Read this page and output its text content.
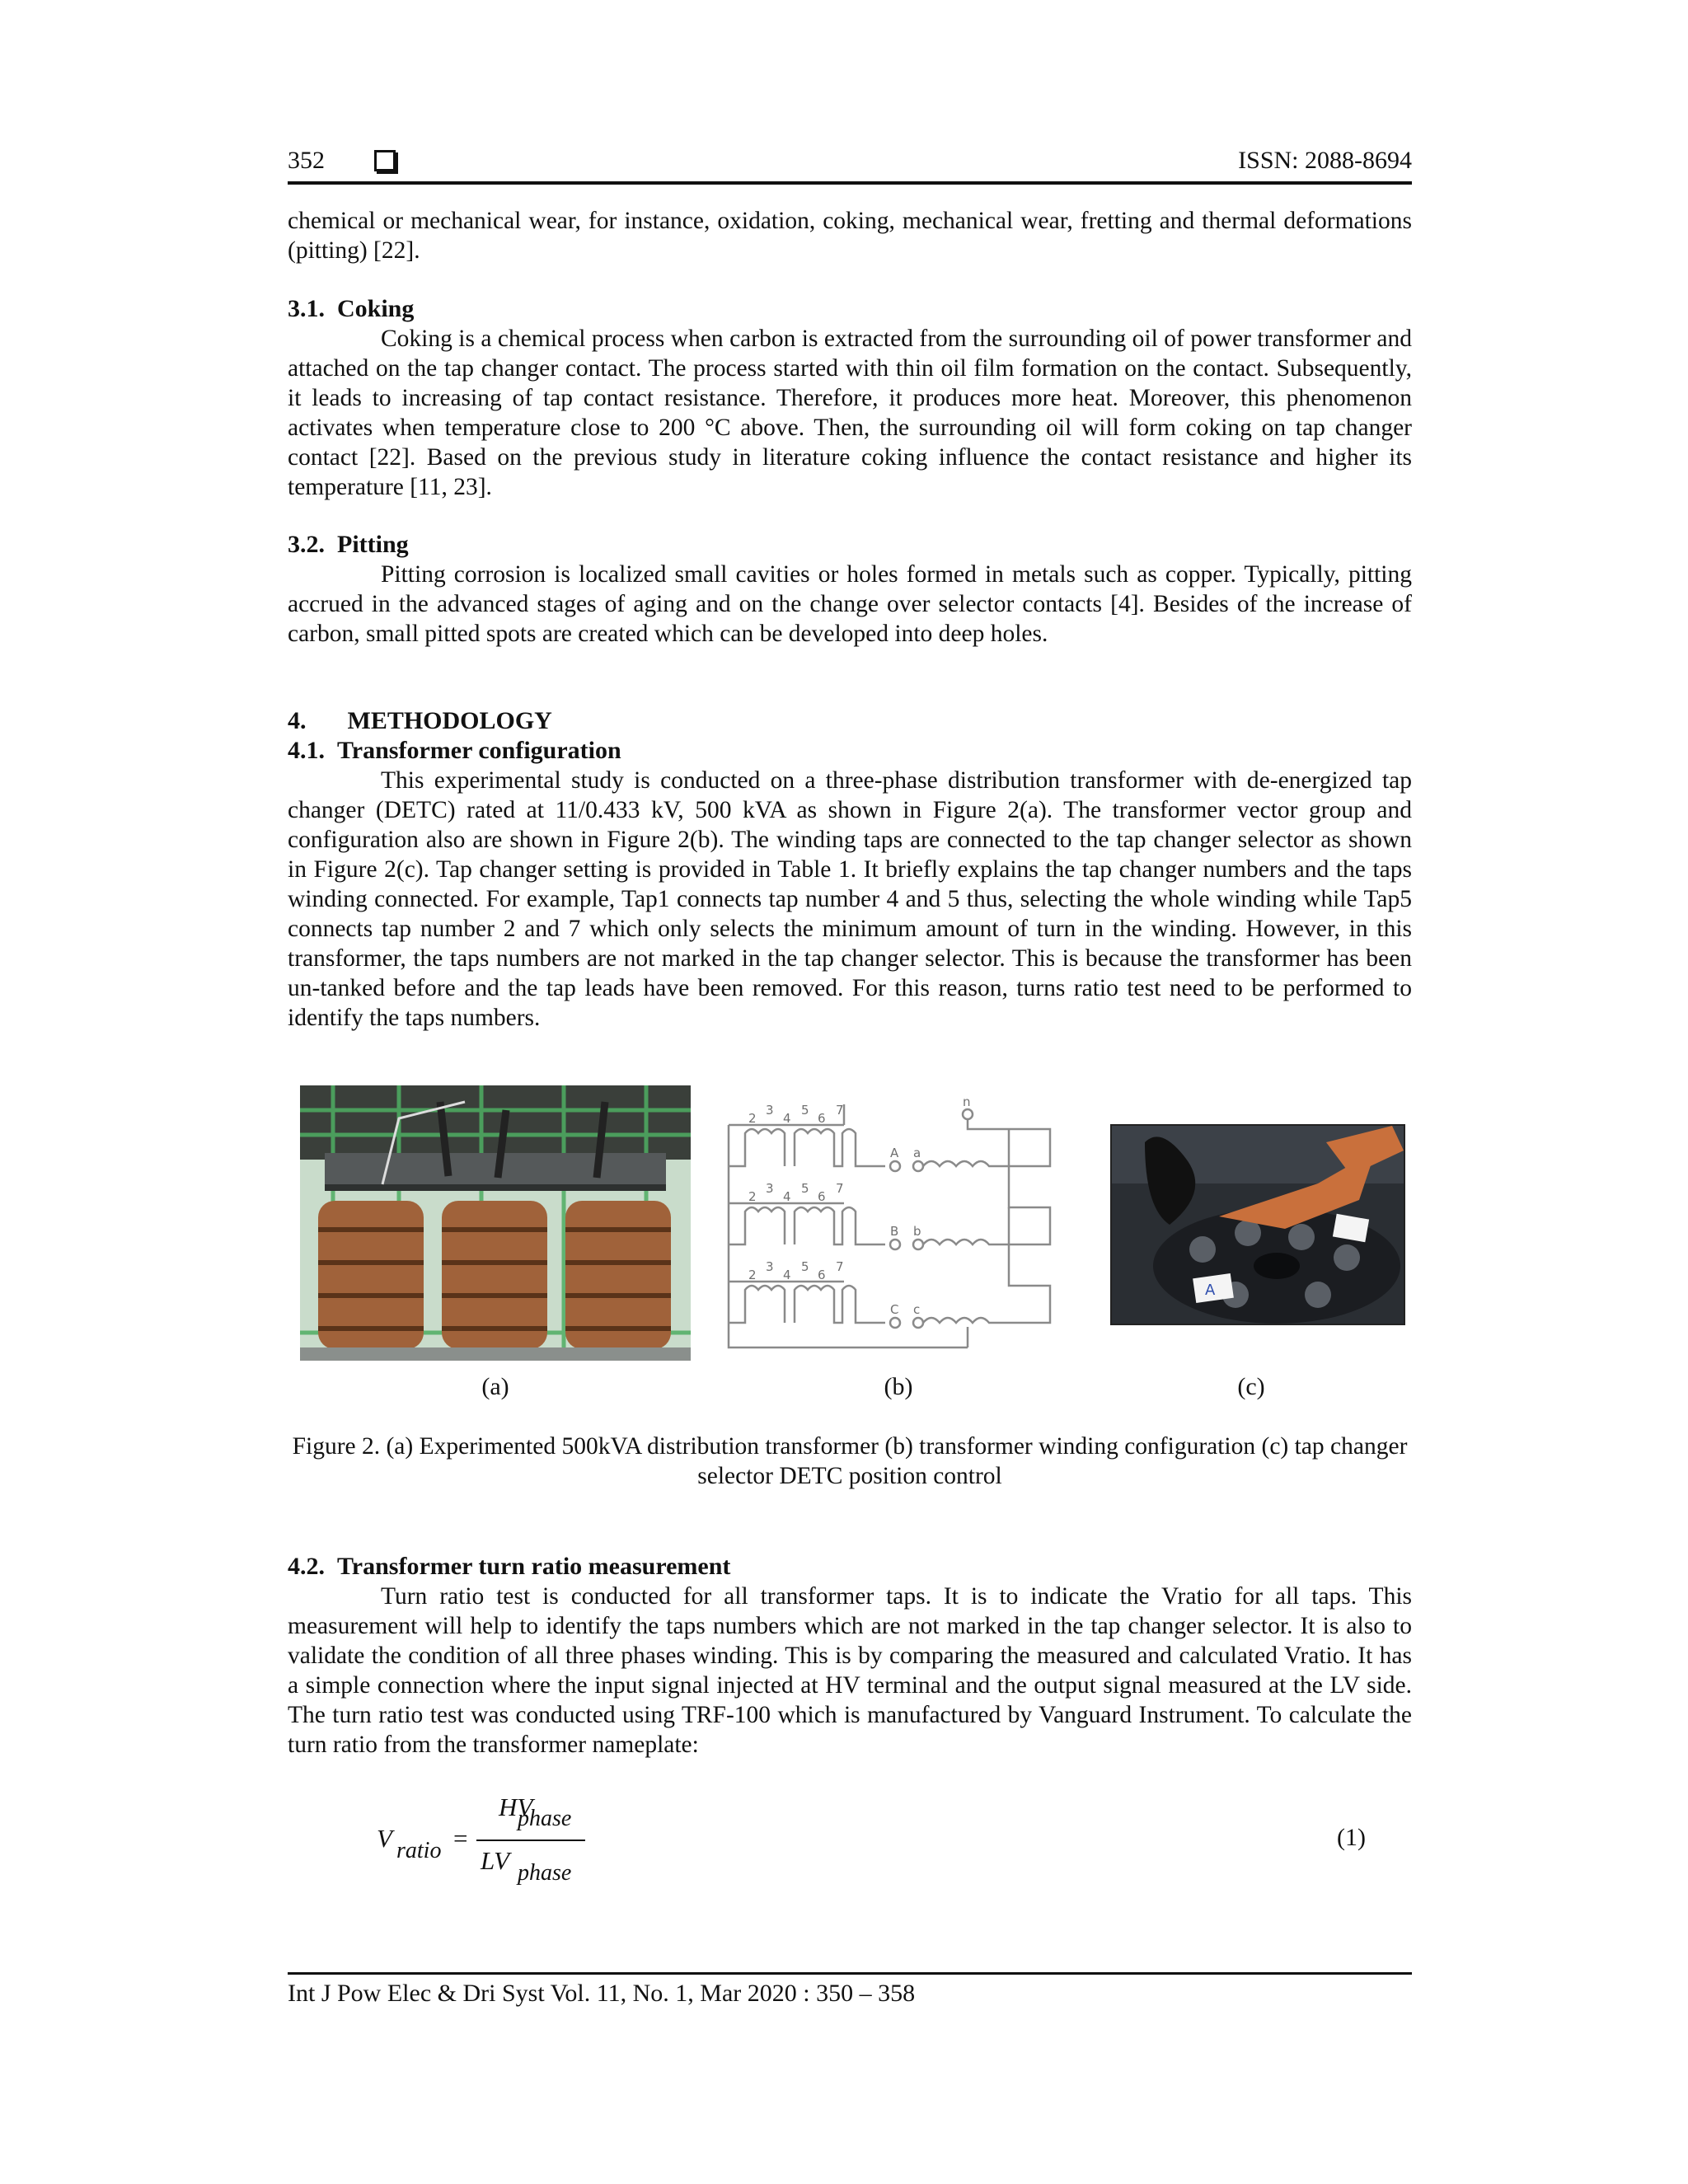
352	ISSN: 2088-8694

chemical or mechanical wear, for instance, oxidation, coking, mechanical wear, fretting and thermal deformations (pitting) [22].

3.1. Coking

Coking is a chemical process when carbon is extracted from the surrounding oil of power transformer and attached on the tap changer contact. The process started with thin oil film formation on the contact. Subsequently, it leads to increasing of tap contact resistance. Therefore, it produces more heat. Moreover, this phenomenon activates when temperature close to 200 °C above. Then, the surrounding oil will form coking on tap changer contact [22]. Based on the previous study in literature coking influence the contact resistance and higher its temperature [11, 23].

3.2. Pitting

Pitting corrosion is localized small cavities or holes formed in metals such as copper. Typically, pitting accrued in the advanced stages of aging and on the change over selector contacts [4]. Besides of the increase of carbon, small pitted spots are created which can be developed into deep holes.

4. METHODOLOGY
4.1. Transformer configuration

This experimental study is conducted on a three-phase distribution transformer with de-energized tap changer (DETC) rated at 11/0.433 kV, 500 kVA as shown in Figure 2(a). The transformer vector group and configuration also are shown in Figure 2(b). The winding taps are connected to the tap changer selector as shown in Figure 2(c). Tap changer setting is provided in Table 1. It briefly explains the tap changer numbers and the taps winding connected. For example, Tap1 connects tap number 4 and 5 thus, selecting the whole winding while Tap5 connects tap number 2 and 7 which only selects the minimum amount of turn in the winding. However, in this transformer, the taps numbers are not marked in the tap changer selector. This is because the transformer has been un-tanked before and the tap leads have been removed. For this reason, turns ratio test need to be performed to identify the taps numbers.

3 5 7
2 4 6
3 5 7
2 4 6
3 5 7
2 4 6
n
A a
B b
C c
A
(a)	(b)	(c)
Figure 2. (a) Experimented 500kVA distribution transformer (b) transformer winding configuration (c) tap changer selector DETC position control
4.2. Transformer turn ratio measurement

Turn ratio test is conducted for all transformer taps. It is to indicate the Vratio for all taps. This measurement will help to identify the taps numbers which are not marked in the tap changer selector. It is also to validate the condition of all three phases winding. This is by comparing the measured and calculated Vratio. It has a simple connection where the input signal injected at HV terminal and the output signal measured at the LV side. The turn ratio test was conducted using TRF-100 which is manufactured by Vanguard Instrument. To calculate the turn ratio from the transformer nameplate:

V ratio =
HV
phase
LV phase
(1)
Int J Pow Elec & Dri Syst Vol. 11, No. 1, Mar 2020 : 350 – 358
